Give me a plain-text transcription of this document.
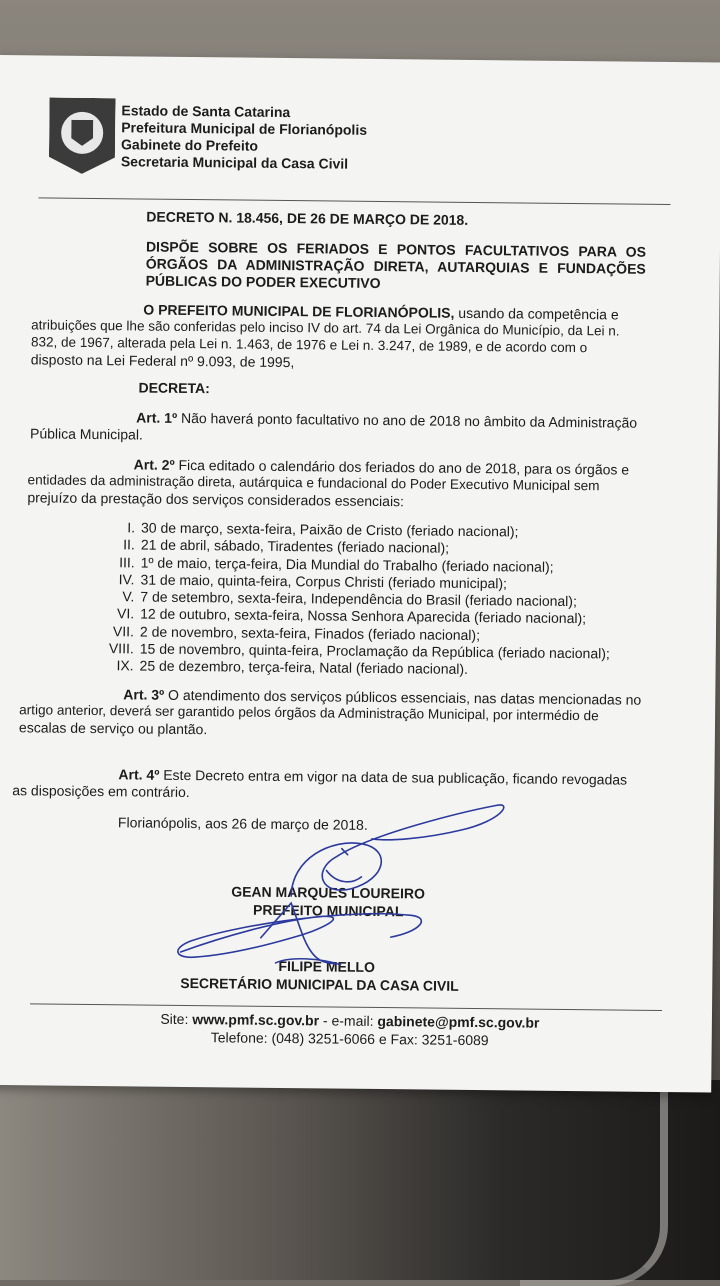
Estado de Santa Catarina
Prefeitura Municipal de Florianópolis
Gabinete do Prefeito
Secretaria Municipal da Casa Civil
DECRETO N. 18.456, DE 26 DE MARÇO DE 2018.
DISPÕE SOBRE OS FERIADOS E PONTOS FACULTATIVOS PARA OS
ÓRGÃOS DA ADMINISTRAÇÃO DIRETA, AUTARQUIAS E FUNDAÇÕES
PÚBLICAS DO PODER EXECUTIVO
O PREFEITO MUNICIPAL DE FLORIANÓPOLIS, usando da competência e
atribuições que lhe são conferidas pelo inciso IV do art. 74 da Lei Orgânica do Município, da Lei n.
832, de 1967, alterada pela Lei n. 1.463, de 1976 e Lei n. 3.247, de 1989, e de acordo com o
disposto na Lei Federal nº 9.093, de 1995,
DECRETA:
Art. 1º Não haverá ponto facultativo no ano de 2018 no âmbito da Administração
Pública Municipal.
Art. 2º Fica editado o calendário dos feriados do ano de 2018, para os órgãos e
entidades da administração direta, autárquica e fundacional do Poder Executivo Municipal sem
prejuízo da prestação dos serviços considerados essenciais:
I. 30 de março, sexta-feira, Paixão de Cristo (feriado nacional);
II. 21 de abril, sábado, Tiradentes (feriado nacional);
III. 1º de maio, terça-feira, Dia Mundial do Trabalho (feriado nacional);
IV. 31 de maio, quinta-feira, Corpus Christi (feriado municipal);
V. 7 de setembro, sexta-feira, Independência do Brasil (feriado nacional);
VI. 12 de outubro, sexta-feira, Nossa Senhora Aparecida (feriado nacional);
VII. 2 de novembro, sexta-feira, Finados (feriado nacional);
VIII. 15 de novembro, quinta-feira, Proclamação da República (feriado nacional);
IX. 25 de dezembro, terça-feira, Natal (feriado nacional).
Art. 3º O atendimento dos serviços públicos essenciais, nas datas mencionadas no
artigo anterior, deverá ser garantido pelos órgãos da Administração Municipal, por intermédio de
escalas de serviço ou plantão.
Art. 4º Este Decreto entra em vigor na data de sua publicação, ficando revogadas
as disposições em contrário.
Florianópolis, aos 26 de março de 2018.
GEAN MARQUES LOUREIRO
PREFEITO MUNICIPAL
FILIPE MELLO
SECRETÁRIO MUNICIPAL DA CASA CIVIL
Site: www.pmf.sc.gov.br - e-mail: gabinete@pmf.sc.gov.br
Telefone: (048) 3251-6066 e Fax: 3251-6089
